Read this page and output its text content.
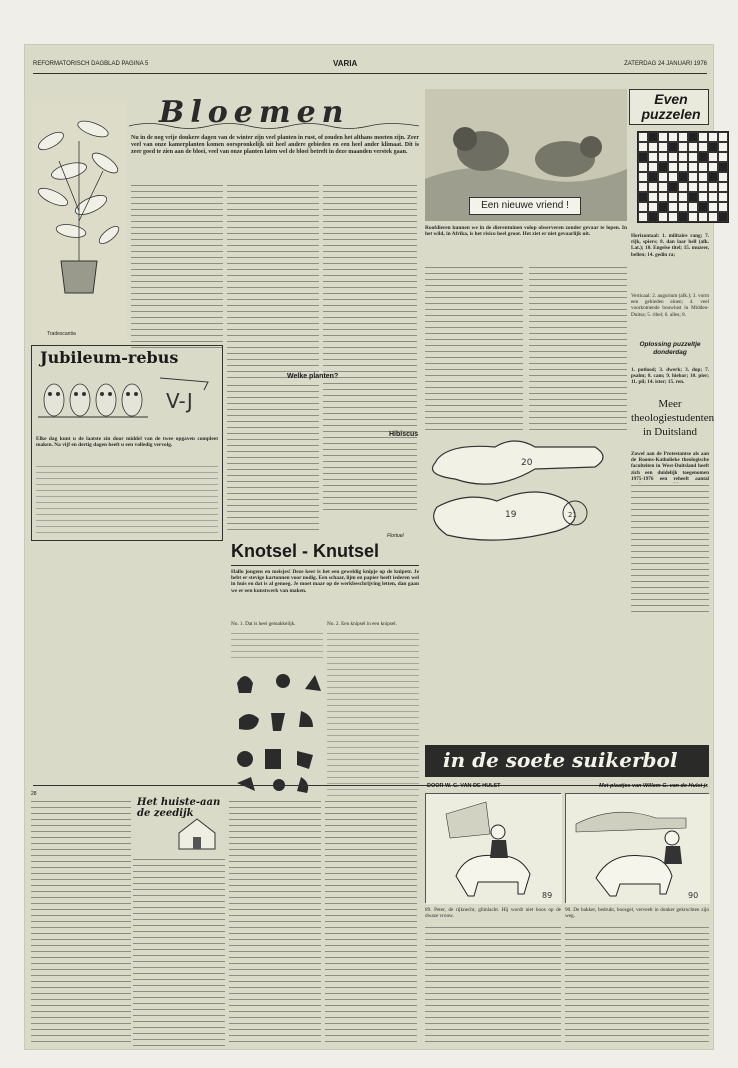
REFORMATORISCH DAGBLAD PAGINA 5	VARIA	ZATERDAG 24 JANUARI 1976
Tradescantia
Bloemen
Nu in de nog vrije donkere dagen van de winter zijn veel planten in rust, of zouden het althans moeten zijn. Zeer veel van onze kamerplanten komen oorspronkelijk uit heel andere gebieden en een heel ander klimaat. Dit is zeer goed te zien aan de bloei, veel van onze planten laten wel de bloei betreft in deze maanden verstek gaan.
Welke planten?
Hibiscus
Flortuel
Jubileum-rebus
V-J
Elke dag kunt u de laatste zin door middel van de twee opgaven compleet maken. Na vijf en dertig dagen heeft u een volledig vervolg.
Knotsel - Knutsel
Hallo jongens en meisjes! Deze keer is het een geweldig knipje op de knipetr. Je hebt er stevige kartonnen voor nodig. Een schaar, lijm en papier heeft iederen wel in huis en dat is al genoeg. Je moet maar op de werkbeschrijving letten, dan gaan we er een kunstwerk van maken.
No. 1. Dat is heel gemakkelijk.	No. 2. Een knipsel in een knipsel.
Een nieuwe vriend !
Roofdieren kunnen we in de dierentuinen volop observeren zonder gevaar te lopen. In het wild, in Afrika, is het risico heel groot. Het ziet er niet gevaarlijk uit.
20
19	21
Even puzzelen
Horizontaal: 1. militaire rang; 7. rijk, spiers; 8. dan laar bell (afk. Lat.); 10. Engelse titel; 15. muzeer, bellen; 14. gedin ra;
Verticaal: 2. augurium (afk.); 3. vorm een gebieden einen; 4. veel voorkomende bouwlust in Midden-Duitsa; 5. ribel; 6. alles; 8.
Oplossing puzzeltje donderdag
1. potlood; 3. dwerk; 3. dop; 7. psalm; 8. cam; 9. hiebar; 10. pier; 11. pil; 14. ister; 15. ren.
Meer theologiestudenten in Duitsland
Zowel aan de Protestantse als aan de Rooms-Katholieke theologische faculteiten in West-Duitsland heeft zich een duidelijk toegenomen 1975-1976 een reheeft aantal
28
Het huiste-aan de zeedijk
in de soete suikerbol
DOOR W. G. VAN DE HULST	Met plaatjes van Willem G. van de Hulst jr.
89	90
89. Peter, de rijknecht, glimlacht. Hij wordt niet boos op de dwaze vrouw.
90. De bakker, bedrukt, boosgel, verveelt in donker gekrochten zijn weg.
